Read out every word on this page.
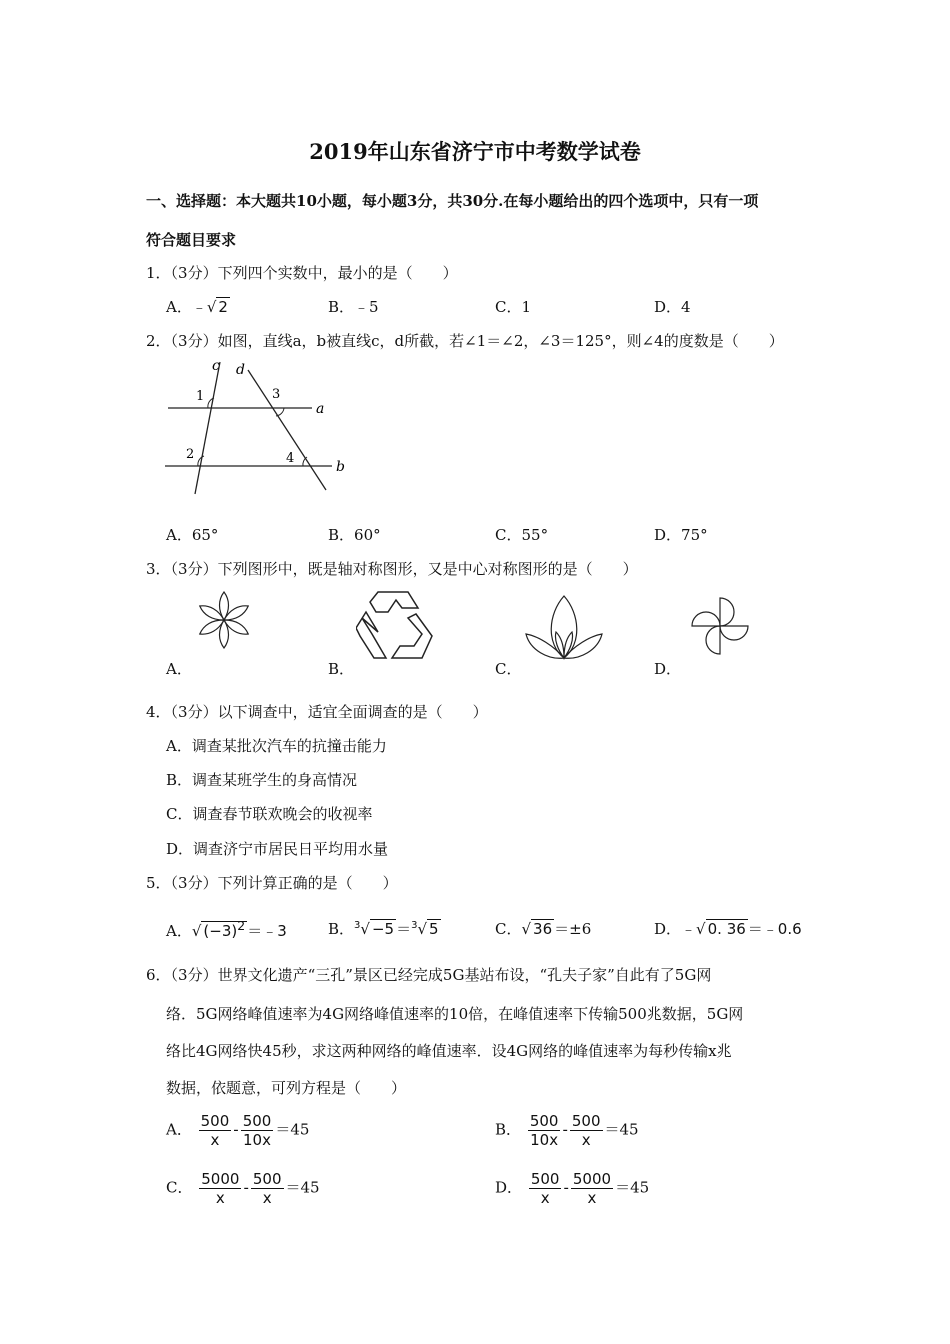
2019年山东省济宁市中考数学试卷
一、选择题：本大题共10小题，每小题3分，共30分.在每小题给出的四个选项中，只有一项
符合题目要求
1．（3分）下列四个实数中，最小的是（　　）
A．﹣√ 2	B．﹣5	C．1	D．4
2．（3分）如图，直线a，b被直线c，d所截，若∠1＝∠2，∠3＝125°，则∠4的度数是（　　）
c d
a
b
1
2
3
4
A．65°	B．60°	C．55°	D．75°
3．（3分）下列图形中，既是轴对称图形，又是中心对称图形的是（　　）
A．	B．	C．	D．
4．（3分）以下调查中，适宜全面调查的是（　　）
A．调查某批次汽车的抗撞击能力
B．调查某班学生的身高情况
C．调查春节联欢晚会的收视率
D．调查济宁市居民日平均用水量
5．（3分）下列计算正确的是（　　）
A．√ $(-3)^2$ ＝﹣3	B．$^3$√ −5 ＝$^3$√ 5	C．√ 36 ＝±6	D．﹣√ 0. 36 ＝﹣0.6
6．（3分）世界文化遗产“三孔”景区已经完成5G基站布设，“孔夫子家”自此有了5G网
络．5G网络峰值速率为4G网络峰值速率的10倍，在峰值速率下传输500兆数据，5G网
络比4G网络快45秒，求这两种网络的峰值速率．设4G网络的峰值速率为每秒传输x兆
数据，依题意，可列方程是（　　）
A． $\frac{500}{x} - \frac{500}{10x} =45$	B． $\frac{500}{10x} - \frac{500}{x} =45$
C． $\frac{5000}{x} - \frac{500}{x} =45$	D． $\frac{500}{x} - \frac{5000}{x} =45$
